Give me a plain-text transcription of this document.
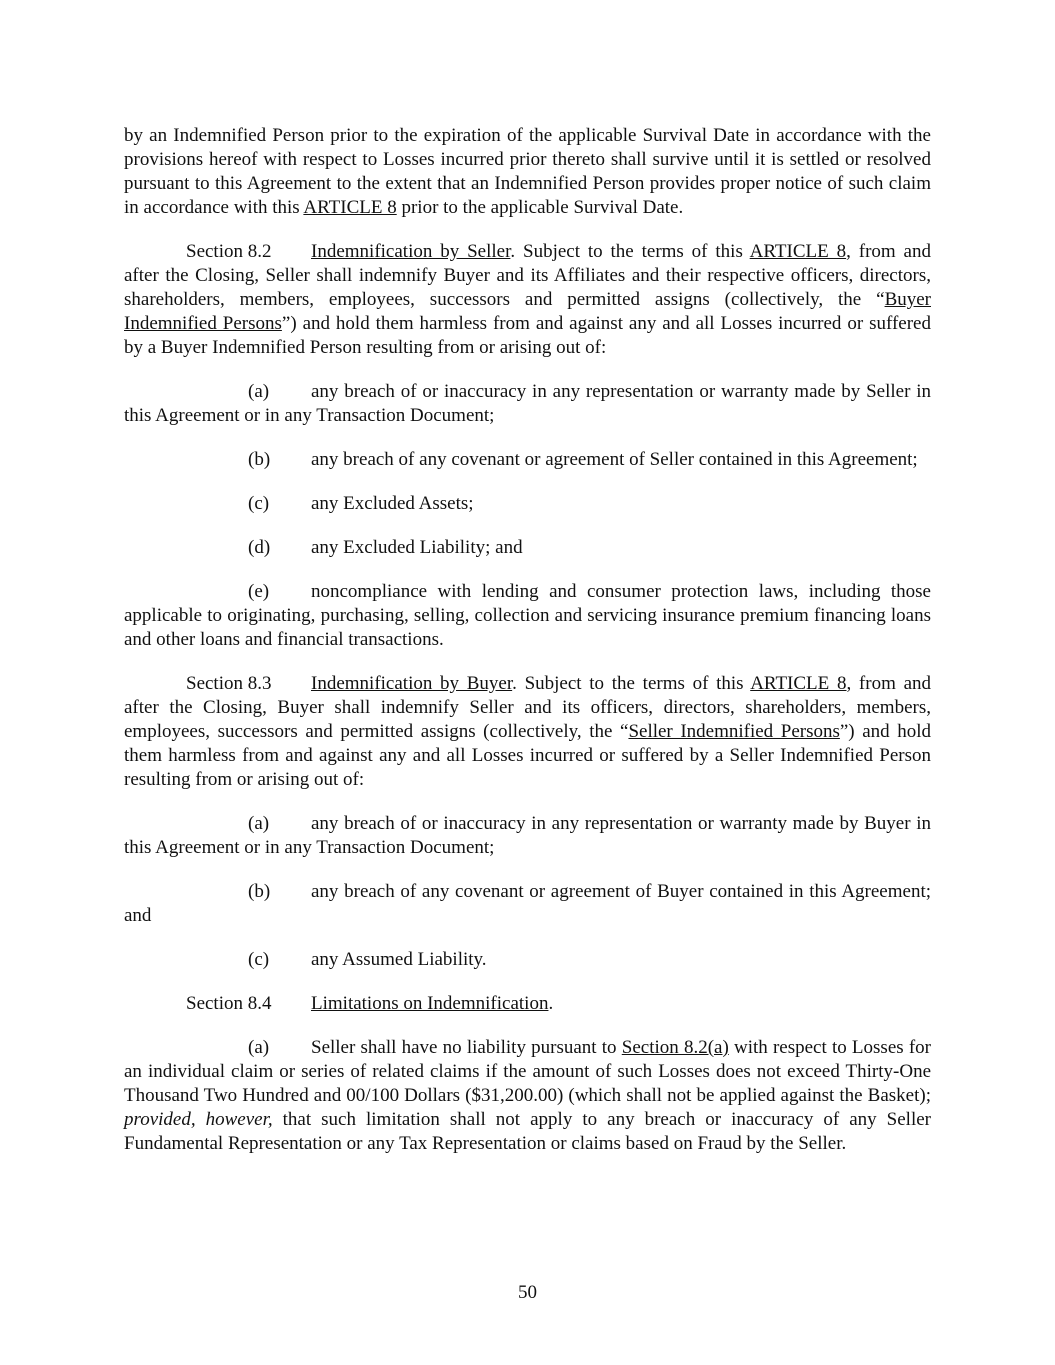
by an Indemnified Person prior to the expiration of the applicable Survival Date in accordance with the provisions hereof with respect to Losses incurred prior thereto shall survive until it is settled or resolved pursuant to this Agreement to the extent that an Indemnified Person provides proper notice of such claim in accordance with this ARTICLE 8 prior to the applicable Survival Date.

Section 8.2 Indemnification by Seller. Subject to the terms of this ARTICLE 8, from and after the Closing, Seller shall indemnify Buyer and its Affiliates and their respective officers, directors, shareholders, members, employees, successors and permitted assigns (collectively, the “Buyer Indemnified Persons”) and hold them harmless from and against any and all Losses incurred or suffered by a Buyer Indemnified Person resulting from or arising out of:

(a) any breach of or inaccuracy in any representation or warranty made by Seller in this Agreement or in any Transaction Document;

(b) any breach of any covenant or agreement of Seller contained in this Agreement;

(c) any Excluded Assets;

(d) any Excluded Liability; and

(e) noncompliance with lending and consumer protection laws, including those applicable to originating, purchasing, selling, collection and servicing insurance premium financing loans and other loans and financial transactions.

Section 8.3 Indemnification by Buyer. Subject to the terms of this ARTICLE 8, from and after the Closing, Buyer shall indemnify Seller and its officers, directors, shareholders, members, employees, successors and permitted assigns (collectively, the “Seller Indemnified Persons”) and hold them harmless from and against any and all Losses incurred or suffered by a Seller Indemnified Person resulting from or arising out of:

(a) any breach of or inaccuracy in any representation or warranty made by Buyer in this Agreement or in any Transaction Document;

(b) any breach of any covenant or agreement of Buyer contained in this Agreement; and

(c) any Assumed Liability.

Section 8.4 Limitations on Indemnification.

(a) Seller shall have no liability pursuant to Section 8.2(a) with respect to Losses for an individual claim or series of related claims if the amount of such Losses does not exceed Thirty-One Thousand Two Hundred and 00/100 Dollars ($31,200.00) (which shall not be applied against the Basket); provided, however, that such limitation shall not apply to any breach or inaccuracy of any Seller Fundamental Representation or any Tax Representation or claims based on Fraud by the Seller.

50
